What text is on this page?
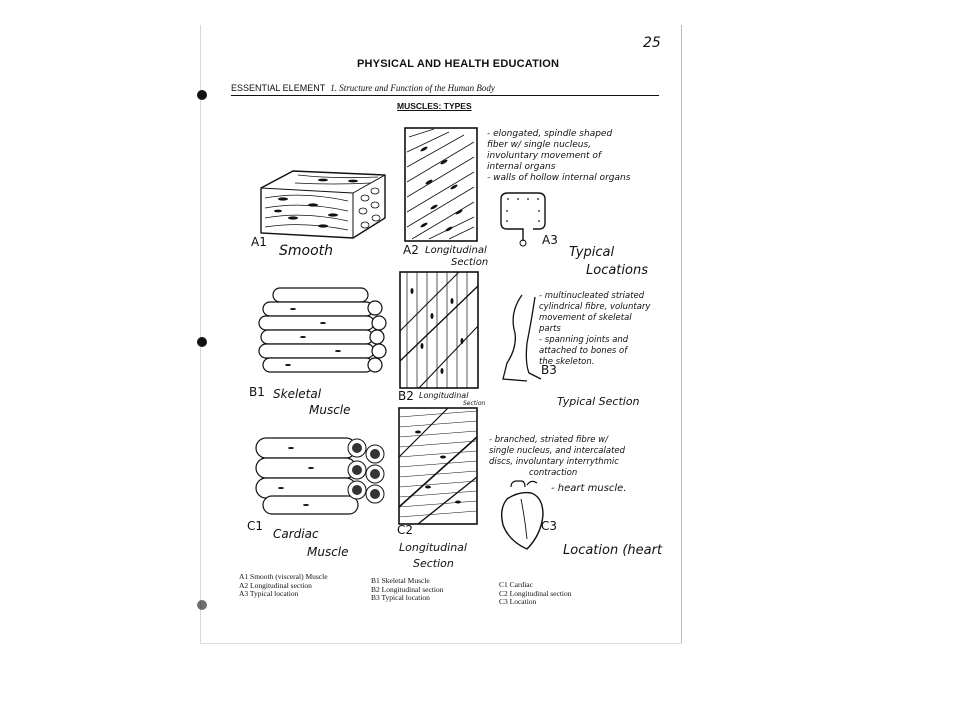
25
PHYSICAL AND HEALTH EDUCATION
ESSENTIAL ELEMENT 1. Structure and Function of the Human Body
MUSCLES: TYPES
A1
Smooth	A2 Longitudinal
Section
- elongated, spindle shaped
fiber w/ single nucleus,
involuntary movement of
internal organs
- walls of hollow internal organs
A3
Typical
Locations
B1 Skeletal
Muscle
B2 Longitudinal
Section
- multinucleated striated
cylindrical fibre, voluntary
movement of skeletal
parts
- spanning joints and
attached to bones of
the skeleton.
B3
Typical Section
C1
Cardiac
Muscle
C2
Longitudinal
Section
- branched, striated fibre w/
single nucleus, and intercalated
discs, involuntary interrythmic
contraction
- heart muscle.
C3
Location (heart
A1 Smooth (visceral) Muscle
A2 Longitudinal section
A3 Typical location
B1 Skeletal Muscle
B2 Longitudinal section
B3 Typical location
C1 Cardiac
C2 Longitudinal section
C3 Location
